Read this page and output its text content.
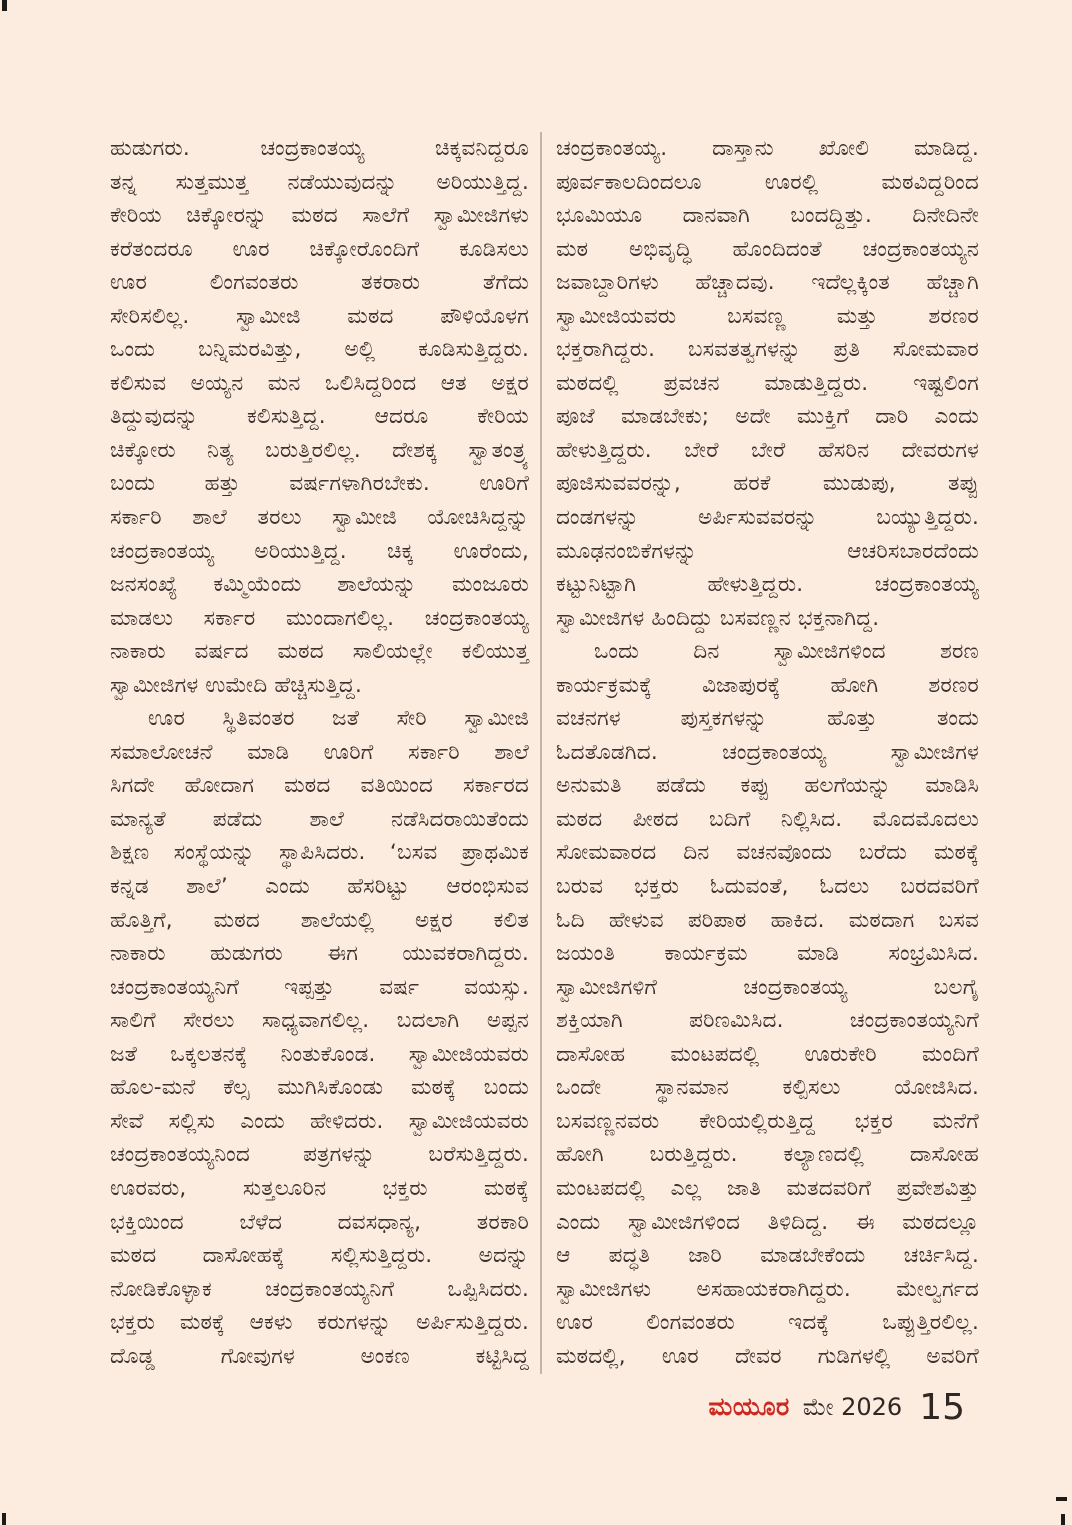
ಹುಡುಗರು. ಚಂದ್ರಕಾಂತಯ್ಯ ಚಿಕ್ಕವನಿದ್ದರೂ
ತನ್ನ ಸುತ್ತಮುತ್ತ ನಡೆಯುವುದನ್ನು ಅರಿಯುತ್ತಿದ್ದ.
ಕೇರಿಯ ಚಿಕ್ಕೋರನ್ನು ಮಠದ ಸಾಲೆಗೆ ಸ್ವಾಮೀಜಿಗಳು
ಕರೆತಂದರೂ ಊರ ಚಿಕ್ಕೋರೊಂದಿಗೆ ಕೂಡಿಸಲು
ಊರ ಲಿಂಗವಂತರು ತಕರಾರು ತೆಗೆದು
ಸೇರಿಸಲಿಲ್ಲ. ಸ್ವಾಮೀಜಿ ಮಠದ ಪೌಳಿಯೊಳಗ
ಒಂದು ಬನ್ನಿಮರವಿತ್ತು, ಅಲ್ಲಿ ಕೂಡಿಸುತ್ತಿದ್ದರು.
ಕಲಿಸುವ ಅಯ್ಯನ ಮನ ಒಲಿಸಿದ್ದರಿಂದ ಆತ ಅಕ್ಷರ
ತಿದ್ದುವುದನ್ನು ಕಲಿಸುತ್ತಿದ್ದ. ಆದರೂ ಕೇರಿಯ
ಚಿಕ್ಕೋರು ನಿತ್ಯ ಬರುತ್ತಿರಲಿಲ್ಲ. ದೇಶಕ್ಕ ಸ್ವಾತಂತ್ರ್ಯ
ಬಂದು ಹತ್ತು ವರ್ಷಗಳಾಗಿರಬೇಕು. ಊರಿಗೆ
ಸರ್ಕಾರಿ ಶಾಲೆ ತರಲು ಸ್ವಾಮೀಜಿ ಯೋಚಿಸಿದ್ದನ್ನು
ಚಂದ್ರಕಾಂತಯ್ಯ ಅರಿಯುತ್ತಿದ್ದ. ಚಿಕ್ಕ ಊರೆಂದು,
ಜನಸಂಖ್ಯೆ ಕಮ್ಮಿಯೆಂದು ಶಾಲೆಯನ್ನು ಮಂಜೂರು
ಮಾಡಲು ಸರ್ಕಾರ ಮುಂದಾಗಲಿಲ್ಲ. ಚಂದ್ರಕಾಂತಯ್ಯ
ನಾಕಾರು ವರ್ಷದ ಮಠದ ಸಾಲಿಯಲ್ಲೇ ಕಲಿಯುತ್ತ
ಸ್ವಾಮೀಜಿಗಳ ಉಮೇದಿ ಹೆಚ್ಚಿಸುತ್ತಿದ್ದ.
ಊರ ಸ್ಥಿತಿವಂತರ ಜತೆ ಸೇರಿ ಸ್ವಾಮೀಜಿ
ಸಮಾಲೋಚನೆ ಮಾಡಿ ಊರಿಗೆ ಸರ್ಕಾರಿ ಶಾಲೆ
ಸಿಗದೇ ಹೋದಾಗ ಮಠದ ವತಿಯಿಂದ ಸರ್ಕಾರದ
ಮಾನ್ಯತೆ ಪಡೆದು ಶಾಲೆ ನಡೆಸಿದರಾಯಿತೆಂದು
ಶಿಕ್ಷಣ ಸಂಸ್ಥೆಯನ್ನು ಸ್ಥಾಪಿಸಿದರು. ‘ಬಸವ ಪ್ರಾಥಮಿಕ
ಕನ್ನಡ ಶಾಲೆ’ ಎಂದು ಹೆಸರಿಟ್ಟು ಆರಂಭಿಸುವ
ಹೊತ್ತಿಗೆ, ಮಠದ ಶಾಲೆಯಲ್ಲಿ ಅಕ್ಷರ ಕಲಿತ
ನಾಕಾರು ಹುಡುಗರು ಈಗ ಯುವಕರಾಗಿದ್ದರು.
ಚಂದ್ರಕಾಂತಯ್ಯನಿಗೆ ಇಪ್ಪತ್ತು ವರ್ಷ ವಯಸ್ಸು.
ಸಾಲಿಗೆ ಸೇರಲು ಸಾಧ್ಯವಾಗಲಿಲ್ಲ. ಬದಲಾಗಿ ಅಪ್ಪನ
ಜತೆ ಒಕ್ಕಲತನಕ್ಕೆ ನಿಂತುಕೊಂಡ. ಸ್ವಾಮೀಜಿಯವರು
ಹೊಲ-ಮನೆ ಕೆಲ್ಸ ಮುಗಿಸಿಕೊಂಡು ಮಠಕ್ಕೆ ಬಂದು
ಸೇವೆ ಸಲ್ಲಿಸು ಎಂದು ಹೇಳಿದರು. ಸ್ವಾಮೀಜಿಯವರು
ಚಂದ್ರಕಾಂತಯ್ಯನಿಂದ ಪತ್ರಗಳನ್ನು ಬರೆಸುತ್ತಿದ್ದರು.
ಊರವರು, ಸುತ್ತಲೂರಿನ ಭಕ್ತರು ಮಠಕ್ಕೆ
ಭಕ್ತಿಯಿಂದ ಬೆಳೆದ ದವಸಧಾನ್ಯ, ತರಕಾರಿ
ಮಠದ ದಾಸೋಹಕ್ಕೆ ಸಲ್ಲಿಸುತ್ತಿದ್ದರು. ಅದನ್ನು
ನೋಡಿಕೊಳ್ಳಾಕ ಚಂದ್ರಕಾಂತಯ್ಯನಿಗೆ ಒಪ್ಪಿಸಿದರು.
ಭಕ್ತರು ಮಠಕ್ಕೆ ಆಕಳು ಕರುಗಳನ್ನು ಅರ್ಪಿಸುತ್ತಿದ್ದರು.
ದೊಡ್ಡ ಗೋವುಗಳ ಅಂಕಣ ಕಟ್ಟಿಸಿದ್ದ
ಚಂದ್ರಕಾಂತಯ್ಯ. ದಾಸ್ತಾನು ಖೋಲಿ ಮಾಡಿದ್ದ.
ಪೂರ್ವಕಾಲದಿಂದಲೂ ಊರಲ್ಲಿ ಮಠವಿದ್ದರಿಂದ
ಭೂಮಿಯೂ ದಾನವಾಗಿ ಬಂದದ್ದಿತ್ತು. ದಿನೇದಿನೇ
ಮಠ ಅಭಿವೃದ್ಧಿ ಹೊಂದಿದಂತೆ ಚಂದ್ರಕಾಂತಯ್ಯನ
ಜವಾಬ್ದಾರಿಗಳು ಹೆಚ್ಚಾದವು. ಇದೆಲ್ಲಕ್ಕಿಂತ ಹೆಚ್ಚಾಗಿ
ಸ್ವಾಮೀಜಿಯವರು ಬಸವಣ್ಣ ಮತ್ತು ಶರಣರ
ಭಕ್ತರಾಗಿದ್ದರು. ಬಸವತತ್ವಗಳನ್ನು ಪ್ರತಿ ಸೋಮವಾರ
ಮಠದಲ್ಲಿ ಪ್ರವಚನ ಮಾಡುತ್ತಿದ್ದರು. ಇಷ್ಟಲಿಂಗ
ಪೂಜೆ ಮಾಡಬೇಕು; ಅದೇ ಮುಕ್ತಿಗೆ ದಾರಿ ಎಂದು
ಹೇಳುತ್ತಿದ್ದರು. ಬೇರೆ ಬೇರೆ ಹೆಸರಿನ ದೇವರುಗಳ
ಪೂಜಿಸುವವರನ್ನು, ಹರಕೆ ಮುಡುಪು, ತಪ್ಪು
ದಂಡಗಳನ್ನು ಅರ್ಪಿಸುವವರನ್ನು ಬಯ್ಯುತ್ತಿದ್ದರು.
ಮೂಢನಂಬಿಕೆಗಳನ್ನು ಆಚರಿಸಬಾರದೆಂದು
ಕಟ್ಟುನಿಟ್ಟಾಗಿ ಹೇಳುತ್ತಿದ್ದರು. ಚಂದ್ರಕಾಂತಯ್ಯ
ಸ್ವಾಮೀಜಿಗಳ ಹಿಂದಿದ್ದು ಬಸವಣ್ಣನ ಭಕ್ತನಾಗಿದ್ದ.
ಒಂದು ದಿನ ಸ್ವಾಮೀಜಿಗಳಿಂದ ಶರಣ
ಕಾರ್ಯಕ್ರಮಕ್ಕೆ ವಿಜಾಪುರಕ್ಕೆ ಹೋಗಿ ಶರಣರ
ವಚನಗಳ ಪುಸ್ತಕಗಳನ್ನು ಹೊತ್ತು ತಂದು
ಓದತೊಡಗಿದ. ಚಂದ್ರಕಾಂತಯ್ಯ ಸ್ವಾಮೀಜಿಗಳ
ಅನುಮತಿ ಪಡೆದು ಕಪ್ಪು ಹಲಗೆಯನ್ನು ಮಾಡಿಸಿ
ಮಠದ ಪೀಠದ ಬದಿಗೆ ನಿಲ್ಲಿಸಿದ. ಮೊದಮೊದಲು
ಸೋಮವಾರದ ದಿನ ವಚನವೊಂದು ಬರೆದು ಮಠಕ್ಕೆ
ಬರುವ ಭಕ್ತರು ಓದುವಂತೆ, ಓದಲು ಬರದವರಿಗೆ
ಓದಿ ಹೇಳುವ ಪರಿಪಾಠ ಹಾಕಿದ. ಮಠದಾಗ ಬಸವ
ಜಯಂತಿ ಕಾರ್ಯಕ್ರಮ ಮಾಡಿ ಸಂಭ್ರಮಿಸಿದ.
ಸ್ವಾಮೀಜಿಗಳಿಗೆ ಚಂದ್ರಕಾಂತಯ್ಯ ಬಲಗೈ
ಶಕ್ತಿಯಾಗಿ ಪರಿಣಮಿಸಿದ. ಚಂದ್ರಕಾಂತಯ್ಯನಿಗೆ
ದಾಸೋಹ ಮಂಟಪದಲ್ಲಿ ಊರುಕೇರಿ ಮಂದಿಗೆ
ಒಂದೇ ಸ್ಥಾನಮಾನ ಕಲ್ಪಿಸಲು ಯೋಜಿಸಿದ.
ಬಸವಣ್ಣನವರು ಕೇರಿಯಲ್ಲಿರುತ್ತಿದ್ದ ಭಕ್ತರ ಮನೆಗೆ
ಹೋಗಿ ಬರುತ್ತಿದ್ದರು. ಕಲ್ಯಾಣದಲ್ಲಿ ದಾಸೋಹ
ಮಂಟಪದಲ್ಲಿ ಎಲ್ಲ ಜಾತಿ ಮತದವರಿಗೆ ಪ್ರವೇಶವಿತ್ತು
ಎಂದು ಸ್ವಾಮೀಜಿಗಳಿಂದ ತಿಳಿದಿದ್ದ. ಈ ಮಠದಲ್ಲೂ
ಆ ಪದ್ಧತಿ ಜಾರಿ ಮಾಡಬೇಕೆಂದು ಚರ್ಚಿಸಿದ್ದ.
ಸ್ವಾಮೀಜಿಗಳು ಅಸಹಾಯಕರಾಗಿದ್ದರು. ಮೇಲ್ವರ್ಗದ
ಊರ ಲಿಂಗವಂತರು ಇದಕ್ಕೆ ಒಪ್ಪುತ್ತಿರಲಿಲ್ಲ.
ಮಠದಲ್ಲಿ, ಊರ ದೇವರ ಗುಡಿಗಳಲ್ಲಿ ಅವರಿಗೆ
ಮಯೂರ ಮೇ 2026 15
